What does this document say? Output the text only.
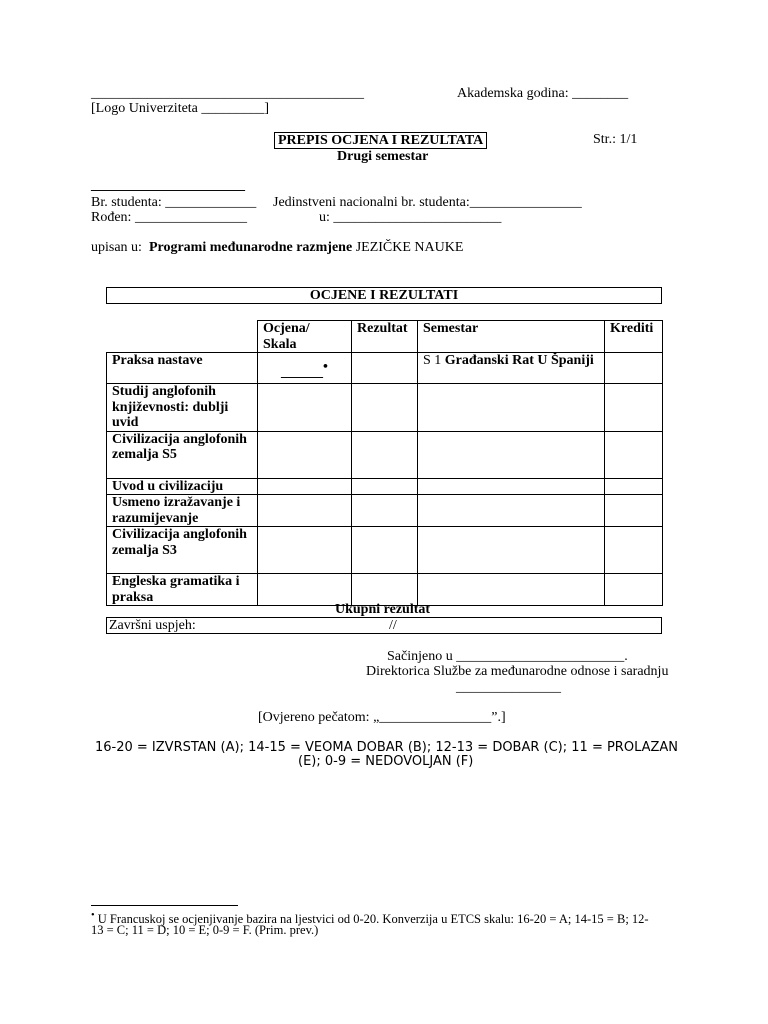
_______________________________________	Akademska godina: ________
[Logo Univerziteta _________]
PREPIS OCJENA I REZULTATA	Str.: 1/1
Drugi semestar
______________________
Br. studenta: _____________ Jedinstveni nacionalni br. studenta:________________
Rođen: ________________	u: ________________________
upisan u: Programi međunarodne razmjene JEZIČKE NAUKE
OCJENE I REZULTATI
	Ocjena/ Skala	Rezultat	Semestar	Krediti
Praksa nastave	______•		S 1 Građanski Rat U Španiji	
Studij anglofonih književnosti: dublji uvid				
Civilizacija anglofonih zemalja S5				
Uvod u civilizaciju				
Usmeno izražavanje i razumijevanje				
Civilizacija anglofonih zemalja S3				
Engleska gramatika i praksa				
Ukupni rezultat
Završni uspjeh:	//
Sačinjeno u ________________________.
Direktorica Službe za međunarodne odnose i saradnju
_______________
[Ovjereno pečatom: „________________”.]
16-20 = IZVRSTAN (A); 14-15 = VEOMA DOBAR (B); 12-13 = DOBAR (C); 11 = PROLAZAN
(E); 0-9 = NEDOVOLJAN (F)
• U Francuskoj se ocjenjivanje bazira na ljestvici od 0-20. Konverzija u ETCS skalu: 16-20 = A; 14-15 = B; 12-
13 = C; 11 = D; 10 = E; 0-9 = F. (Prim. prev.)
